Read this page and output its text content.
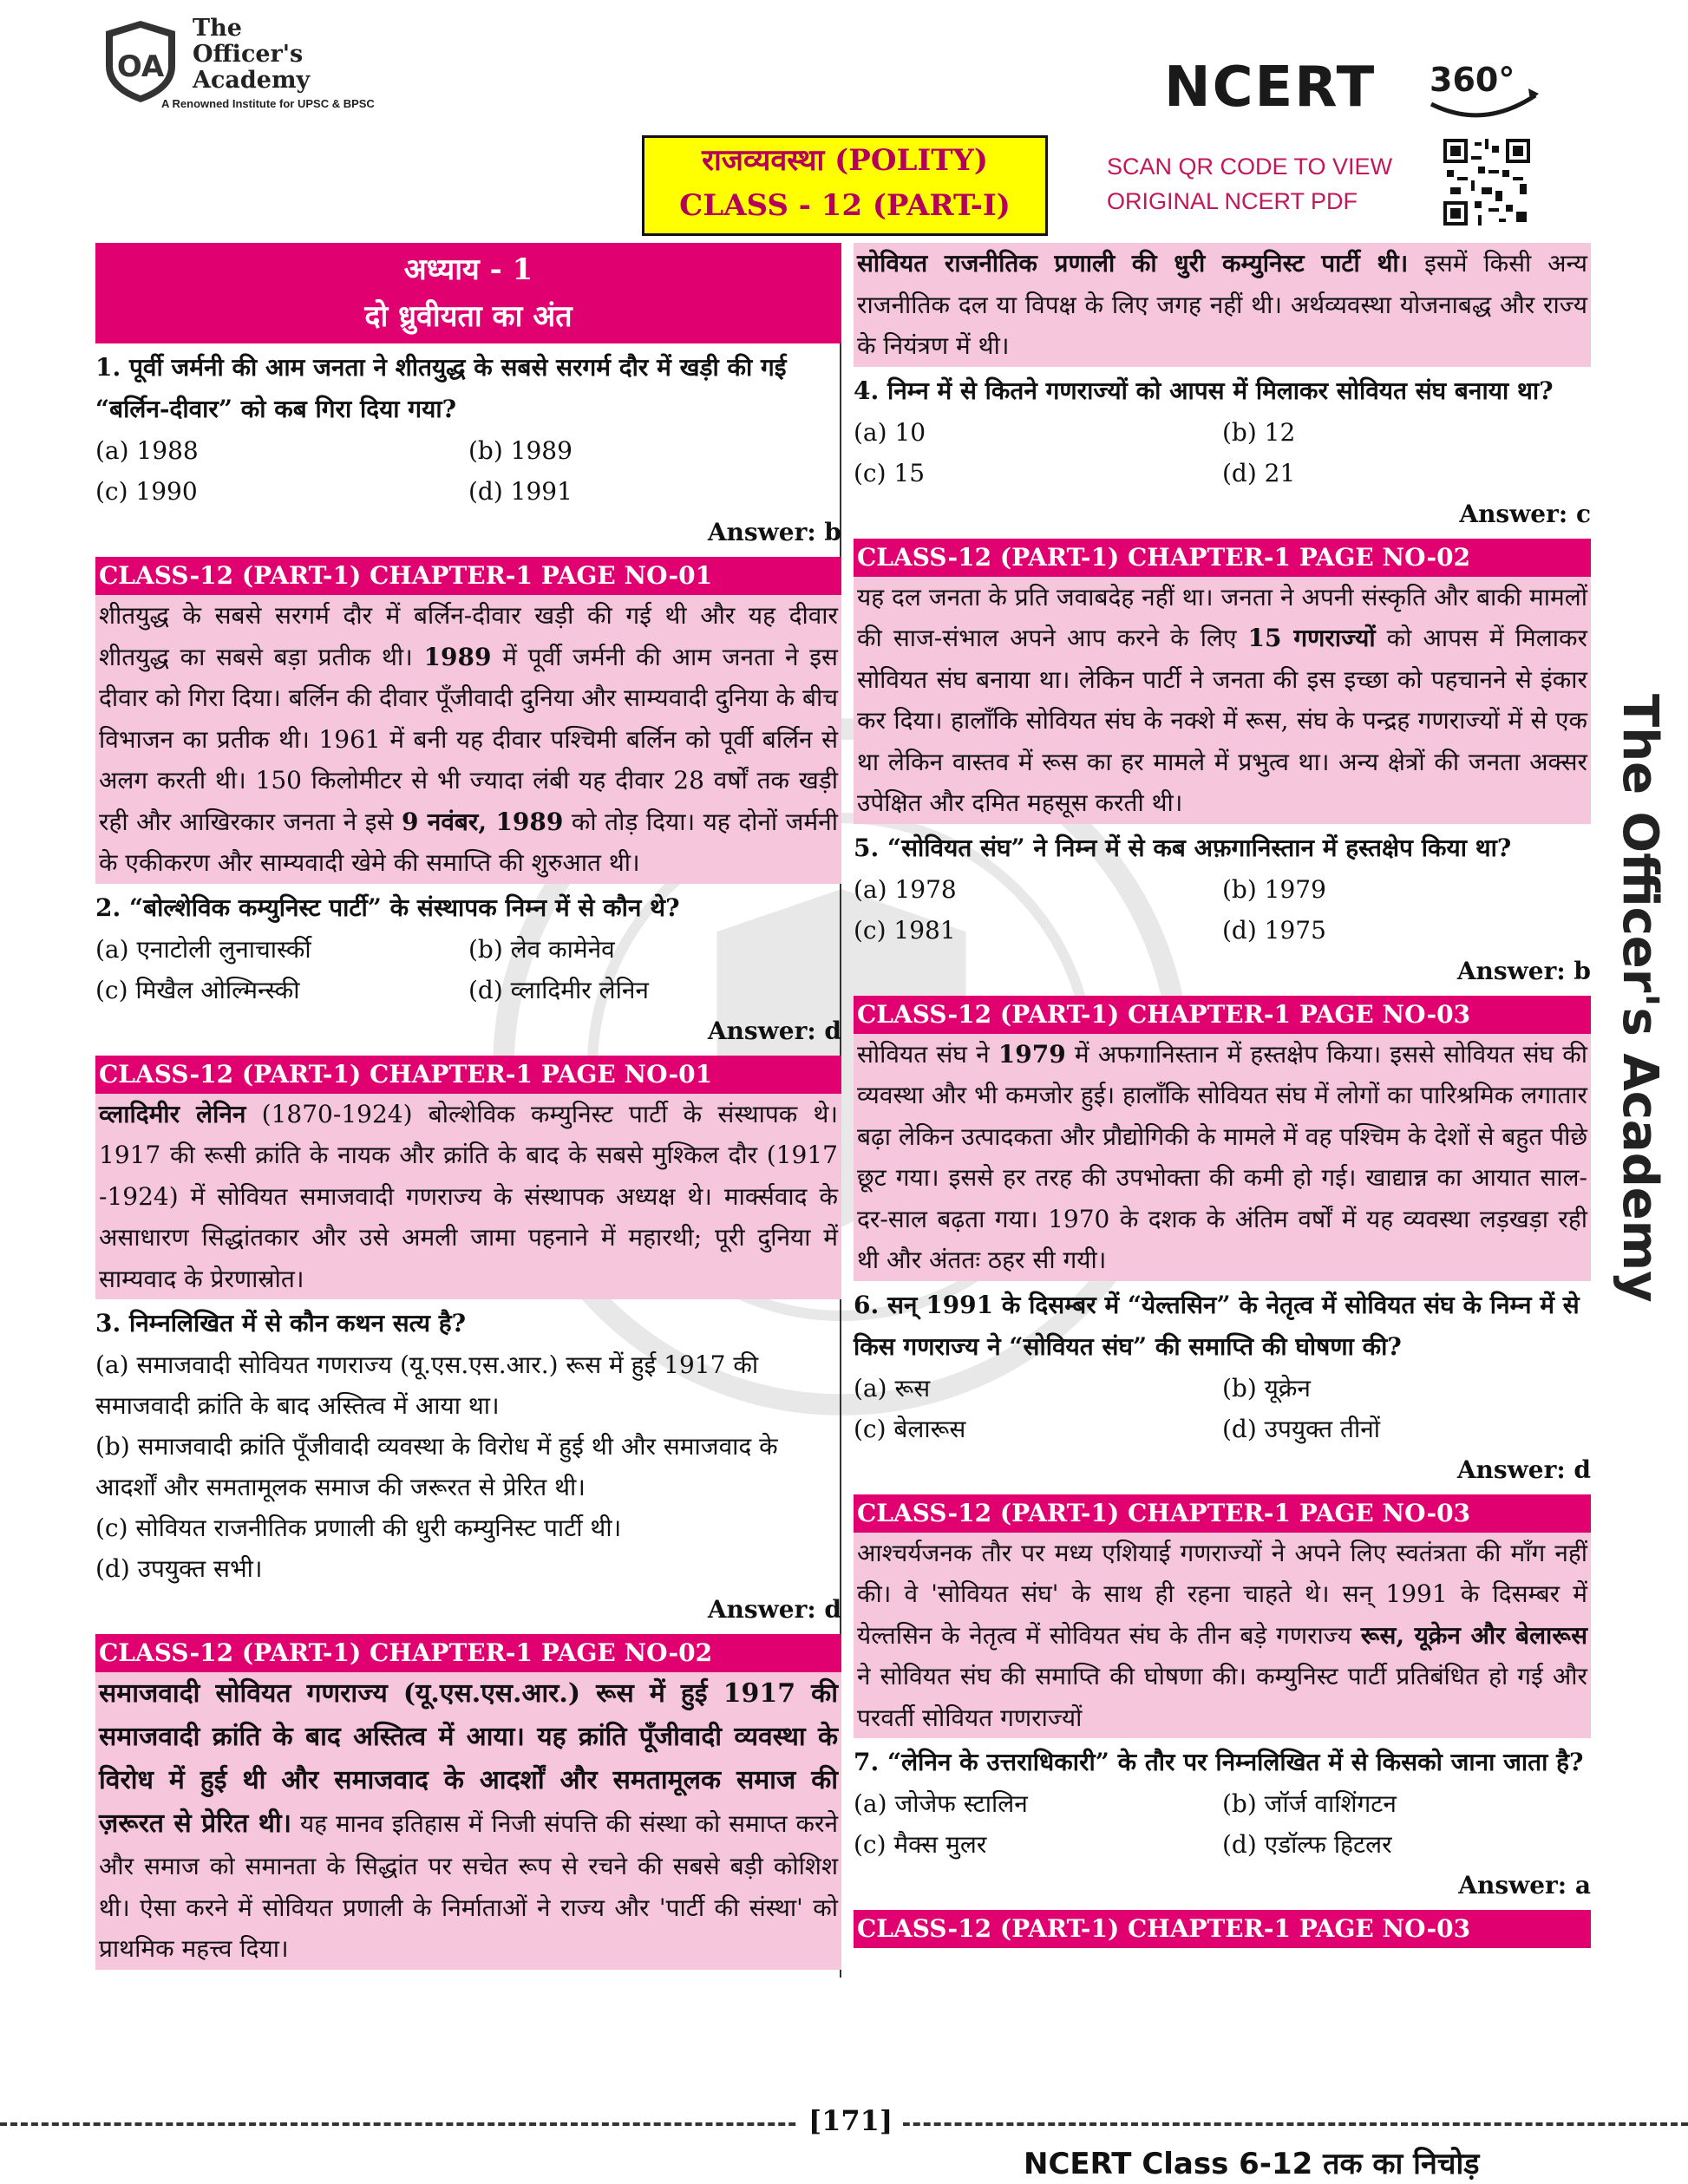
OA
The
Officer's
Academy
A Renowned Institute for UPSC & BPSC	NCERT 360°
राजव्यवस्था (POLITY)
CLASS - 12 (PART-I)
SCAN QR CODE TO VIEW
ORIGINAL NCERT PDF
अध्याय - 1
दो ध्रुवीयता का अंत
1. पूर्वी जर्मनी की आम जनता ने शीतयुद्ध के सबसे सरगर्म दौर में खड़ी की गई “बर्लिन-दीवार” को कब गिरा दिया गया?
(a) 1988	(b) 1989
(c) 1990	(d) 1991
Answer: b
CLASS-12 (PART-1) CHAPTER-1 PAGE NO-01
शीतयुद्ध के सबसे सरगर्म दौर में बर्लिन-दीवार खड़ी की गई थी और यह दीवार शीतयुद्ध का सबसे बड़ा प्रतीक थी। 1989 में पूर्वी जर्मनी की आम जनता ने इस दीवार को गिरा दिया। बर्लिन की दीवार पूँजीवादी दुनिया और साम्यवादी दुनिया के बीच विभाजन का प्रतीक थी। 1961 में बनी यह दीवार पश्चिमी बर्लिन को पूर्वी बर्लिन से अलग करती थी। 150 किलोमीटर से भी ज्यादा लंबी यह दीवार 28 वर्षों तक खड़ी रही और आखिरकार जनता ने इसे 9 नवंबर, 1989 को तोड़ दिया। यह दोनों जर्मनी के एकीकरण और साम्यवादी खेमे की समाप्ति की शुरुआत थी।
2. “बोल्शेविक कम्युनिस्ट पार्टी” के संस्थापक निम्न में से कौन थे?
(a) एनाटोली लुनाचार्स्की	(b) लेव कामेनेव
(c) मिखैल ओल्मिन्स्की	(d) व्लादिमीर लेनिन
Answer: d
CLASS-12 (PART-1) CHAPTER-1 PAGE NO-01
व्लादिमीर लेनिन (1870-1924) बोल्शेविक कम्युनिस्ट पार्टी के संस्थापक थे। 1917 की रूसी क्रांति के नायक और क्रांति के बाद के सबसे मुश्किल दौर (1917 -1924) में सोवियत समाजवादी गणराज्य के संस्थापक अध्यक्ष थे। मार्क्सवाद के असाधारण सिद्धांतकार और उसे अमली जामा पहनाने में महारथी; पूरी दुनिया में साम्यवाद के प्रेरणास्रोत।
3. निम्नलिखित में से कौन कथन सत्य है?
(a) समाजवादी सोवियत गणराज्य (यू.एस.एस.आर.) रूस में हुई 1917 की समाजवादी क्रांति के बाद अस्तित्व में आया था।
(b) समाजवादी क्रांति पूँजीवादी व्यवस्था के विरोध में हुई थी और समाजवाद के आदर्शों और समतामूलक समाज की जरूरत से प्रेरित थी।
(c) सोवियत राजनीतिक प्रणाली की धुरी कम्युनिस्ट पार्टी थी।
(d) उपयुक्त सभी।
Answer: d
CLASS-12 (PART-1) CHAPTER-1 PAGE NO-02
समाजवादी सोवियत गणराज्य (यू.एस.एस.आर.) रूस में हुई 1917 की समाजवादी क्रांति के बाद अस्तित्व में आया। यह क्रांति पूँजीवादी व्यवस्था के विरोध में हुई थी और समाजवाद के आदर्शों और समतामूलक समाज की ज़रूरत से प्रेरित थी। यह मानव इतिहास में निजी संपत्ति की संस्था को समाप्त करने और समाज को समानता के सिद्धांत पर सचेत रूप से रचने की सबसे बड़ी कोशिश थी। ऐसा करने में सोवियत प्रणाली के निर्माताओं ने राज्य और 'पार्टी की संस्था' को प्राथमिक महत्त्व दिया।
सोवियत राजनीतिक प्रणाली की धुरी कम्युनिस्ट पार्टी थी। इसमें किसी अन्य राजनीतिक दल या विपक्ष के लिए जगह नहीं थी। अर्थव्यवस्था योजनाबद्ध और राज्य के नियंत्रण में थी।
4. निम्न में से कितने गणराज्यों को आपस में मिलाकर सोवियत संघ बनाया था?
(a) 10	(b) 12
(c) 15	(d) 21
Answer: c
CLASS-12 (PART-1) CHAPTER-1 PAGE NO-02
यह दल जनता के प्रति जवाबदेह नहीं था। जनता ने अपनी संस्कृति और बाकी मामलों की साज-संभाल अपने आप करने के लिए 15 गणराज्यों को आपस में मिलाकर सोवियत संघ बनाया था। लेकिन पार्टी ने जनता की इस इच्छा को पहचानने से इंकार कर दिया। हालाँकि सोवियत संघ के नक्शे में रूस, संघ के पन्द्रह गणराज्यों में से एक था लेकिन वास्तव में रूस का हर मामले में प्रभुत्व था। अन्य क्षेत्रों की जनता अक्सर उपेक्षित और दमित महसूस करती थी।
5. “सोवियत संघ” ने निम्न में से कब अफ़गानिस्तान में हस्तक्षेप किया था?
(a) 1978	(b) 1979
(c) 1981	(d) 1975
Answer: b
CLASS-12 (PART-1) CHAPTER-1 PAGE NO-03
सोवियत संघ ने 1979 में अफगानिस्तान में हस्तक्षेप किया। इससे सोवियत संघ की व्यवस्था और भी कमजोर हुई। हालाँकि सोवियत संघ में लोगों का पारिश्रमिक लगातार बढ़ा लेकिन उत्पादकता और प्रौद्योगिकी के मामले में वह पश्चिम के देशों से बहुत पीछे छूट गया। इससे हर तरह की उपभोक्ता की कमी हो गई। खाद्यान्न का आयात साल-दर-साल बढ़ता गया। 1970 के दशक के अंतिम वर्षों में यह व्यवस्था लड़खड़ा रही थी और अंततः ठहर सी गयी।
6. सन् 1991 के दिसम्बर में “येल्तसिन” के नेतृत्व में सोवियत संघ के निम्न में से किस गणराज्य ने “सोवियत संघ” की समाप्ति की घोषणा की?
(a) रूस	(b) यूक्रेन
(c) बेलारूस	(d) उपयुक्त तीनों
Answer: d
CLASS-12 (PART-1) CHAPTER-1 PAGE NO-03
आश्चर्यजनक तौर पर मध्य एशियाई गणराज्यों ने अपने लिए स्वतंत्रता की माँग नहीं की। वे 'सोवियत संघ' के साथ ही रहना चाहते थे। सन् 1991 के दिसम्बर में येल्तसिन के नेतृत्व में सोवियत संघ के तीन बड़े गणराज्य रूस, यूक्रेन और बेलारूस ने सोवियत संघ की समाप्ति की घोषणा की। कम्युनिस्ट पार्टी प्रतिबंधित हो गई और परवर्ती सोवियत गणराज्यों
7. “लेनिन के उत्तराधिकारी” के तौर पर निम्नलिखित में से किसको जाना जाता है?
(a) जोजेफ स्टालिन	(b) जॉर्ज वाशिंगटन
(c) मैक्स मुलर	(d) एडॉल्फ हिटलर
Answer: a
CLASS-12 (PART-1) CHAPTER-1 PAGE NO-03
The Officer's Academy
[171]
NCERT Class 6-12 तक का निचोड़
